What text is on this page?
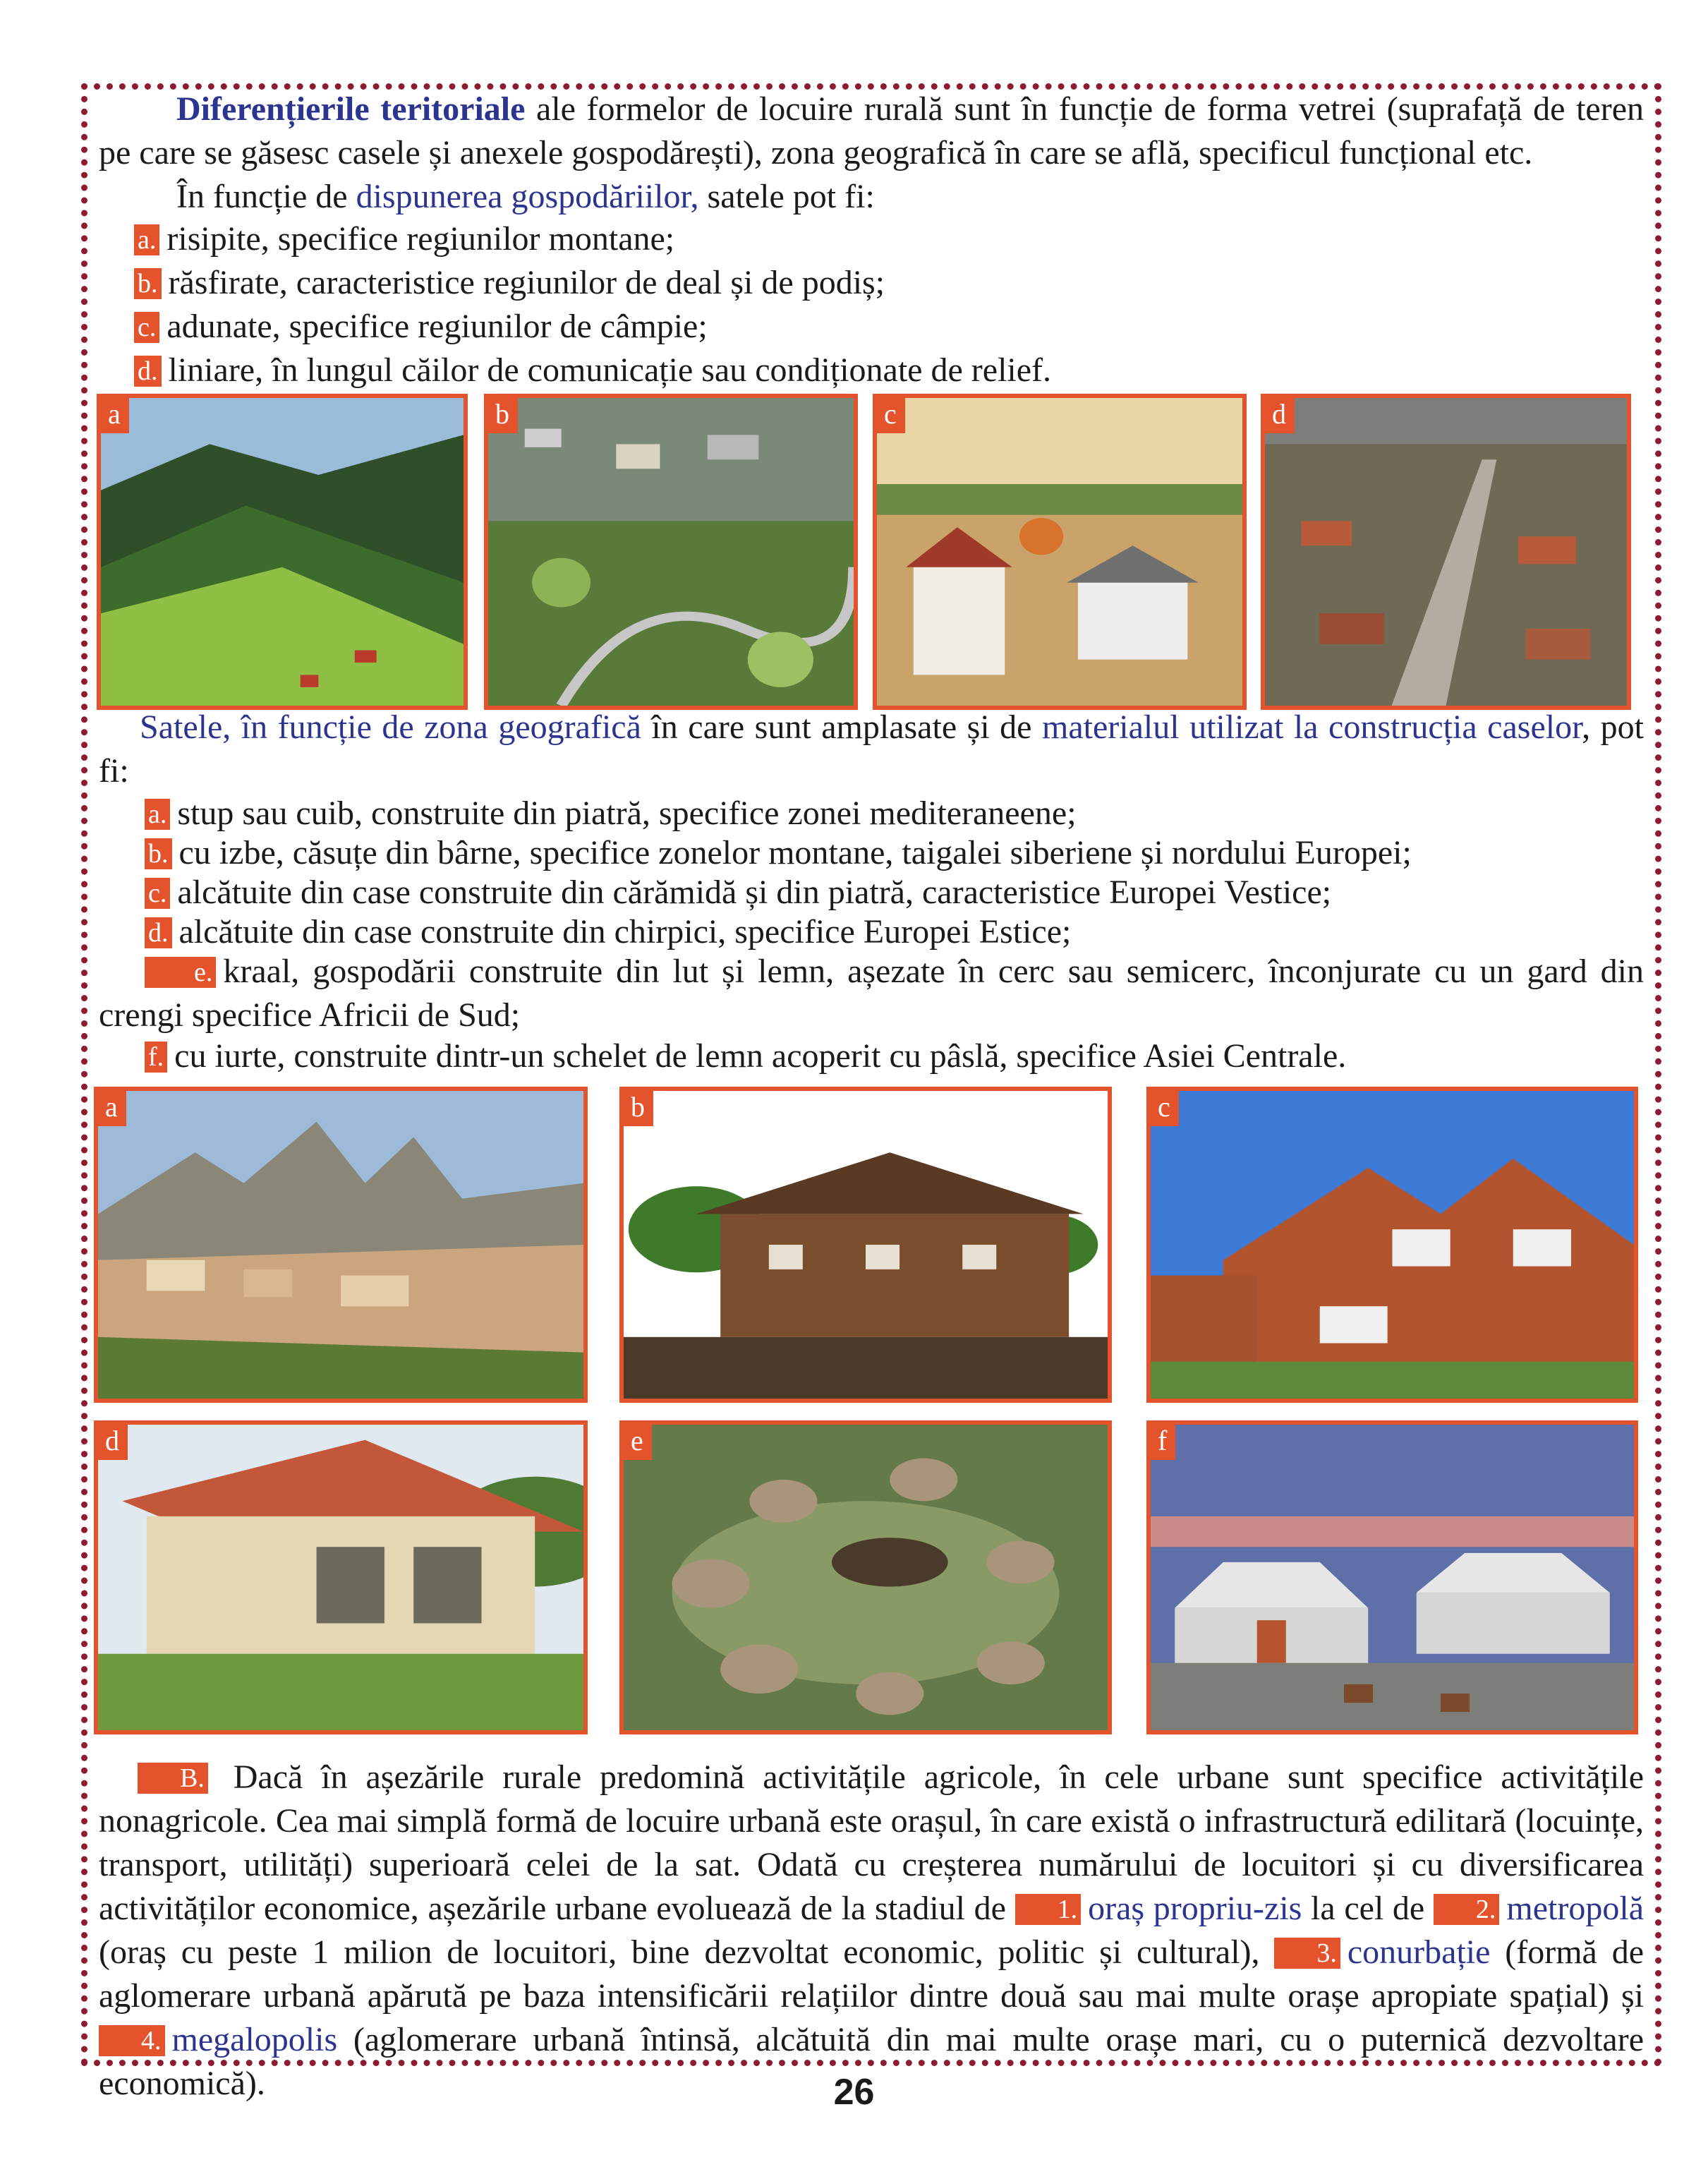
Diferențierile teritoriale ale formelor de locuire rurală sunt în funcție de forma vetrei (suprafață de teren pe care se găsesc casele și anexele gospodărești), zona geografică în care se află, specificul funcțional etc.
În funcție de dispunerea gospodăriilor, satele pot fi:
a. risipite, specifice regiunilor montane;
b. răsfirate, caracteristice regiunilor de deal și de podiș;
c. adunate, specifice regiunilor de câmpie;
d. liniare, în lungul căilor de comunicație sau condiționate de relief.
a	b	c	d
Satele, în funcție de zona geografică în care sunt amplasate și de materialul utilizat la construcția caselor, pot fi:
a. stup sau cuib, construite din piatră, specifice zonei mediteraneene;
b. cu izbe, căsuțe din bârne, specifice zonelor montane, taigalei siberiene și nordului Europei;
c. alcătuite din case construite din cărămidă și din piatră, caracteristice Europei Vestice;
d. alcătuite din case construite din chirpici, specifice Europei Estice;
e. kraal, gospodării construite din lut și lemn, așezate în cerc sau semicerc, înconjurate cu un gard din crengi specifice Africii de Sud;
f. cu iurte, construite dintr-un schelet de lemn acoperit cu pâslă, specifice Asiei Centrale.
a	b	c
d	e	f
B. Dacă în așezările rurale predomină activitățile agricole, în cele urbane sunt specifice activitățile nonagricole. Cea mai simplă formă de locuire urbană este orașul, în care există o infrastructură edilitară (locuințe, transport, utilități) superioară celei de la sat. Odată cu creșterea numărului de locuitori și cu diversificarea activităților economice, așezările urbane evoluează de la stadiul de 1. oraș propriu-zis la cel de 2. metropolă (oraș cu peste 1 milion de locuitori, bine dezvoltat economic, politic și cultural), 3. conurbație (formă de aglomerare urbană apărută pe baza intensificării relațiilor dintre două sau mai multe orașe apropiate spațial) și 4. megalopolis (aglomerare urbană întinsă, alcătuită din mai multe orașe mari, cu o puternică dezvoltare economică).	26
